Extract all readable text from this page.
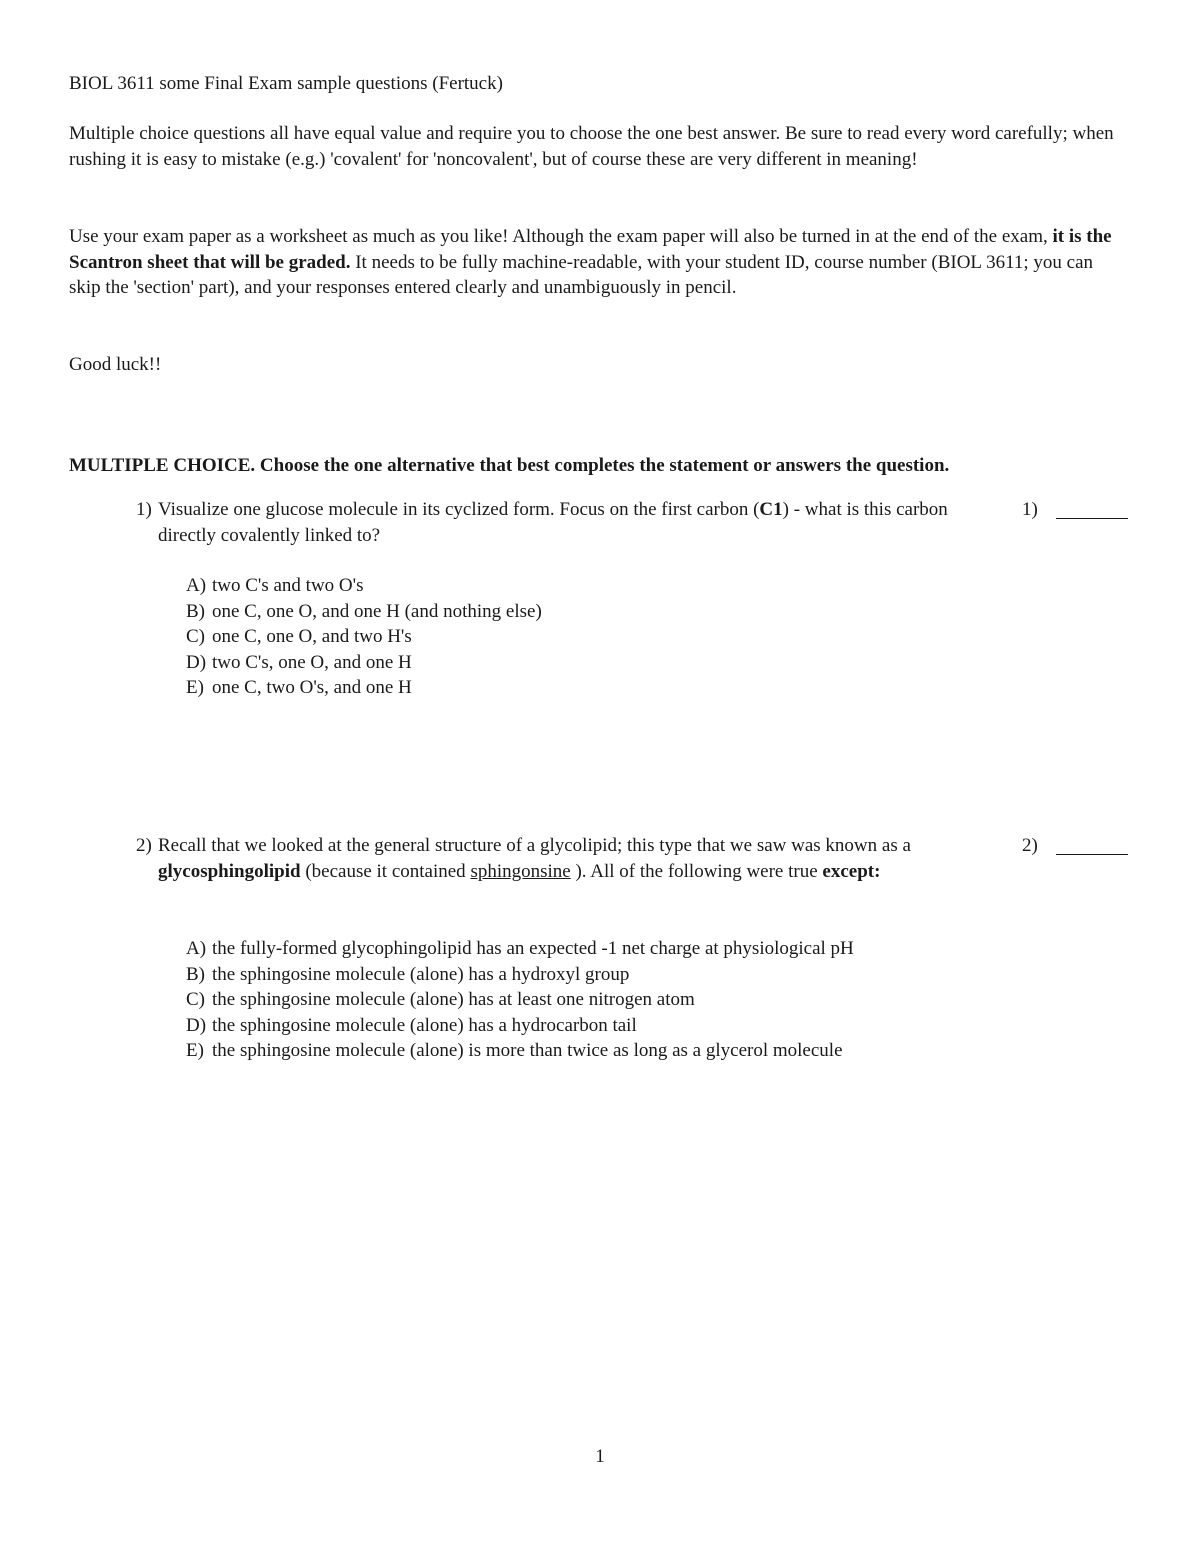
BIOL 3611 some Final Exam sample questions (Fertuck)

Multiple choice questions all have equal value and require you to choose the one best answer. Be sure to read every word carefully; when rushing it is easy to mistake (e.g.) 'covalent' for 'noncovalent', but of course these are very different in meaning!

Use your exam paper as a worksheet as much as you like! Although the exam paper will also be turned in at the end of the exam, it is the Scantron sheet that will be graded. It needs to be fully machine-readable, with your student ID, course number (BIOL 3611; you can skip the 'section' part), and your responses entered clearly and unambiguously in pencil.

Good luck!!

MULTIPLE CHOICE. Choose the one alternative that best completes the statement or answers the question.

1) Visualize one glucose molecule in its cyclized form. Focus on the first carbon (C1) - what is this carbon directly covalently linked to?

1)
A) two C's and two O's
B) one C, one O, and one H (and nothing else)
C) one C, one O, and two H's
D) two C's, one O, and one H
E) one C, two O's, and one H
2) Recall that we looked at the general structure of a glycolipid; this type that we saw was known as a glycosphingolipid (because it contained sphingonsine ). All of the following were true except:

2)
A) the fully-formed glycophingolipid has an expected -1 net charge at physiological pH
B) the sphingosine molecule (alone) has a hydroxyl group
C) the sphingosine molecule (alone) has at least one nitrogen atom
D) the sphingosine molecule (alone) has a hydrocarbon tail
E) the sphingosine molecule (alone) is more than twice as long as a glycerol molecule
1
